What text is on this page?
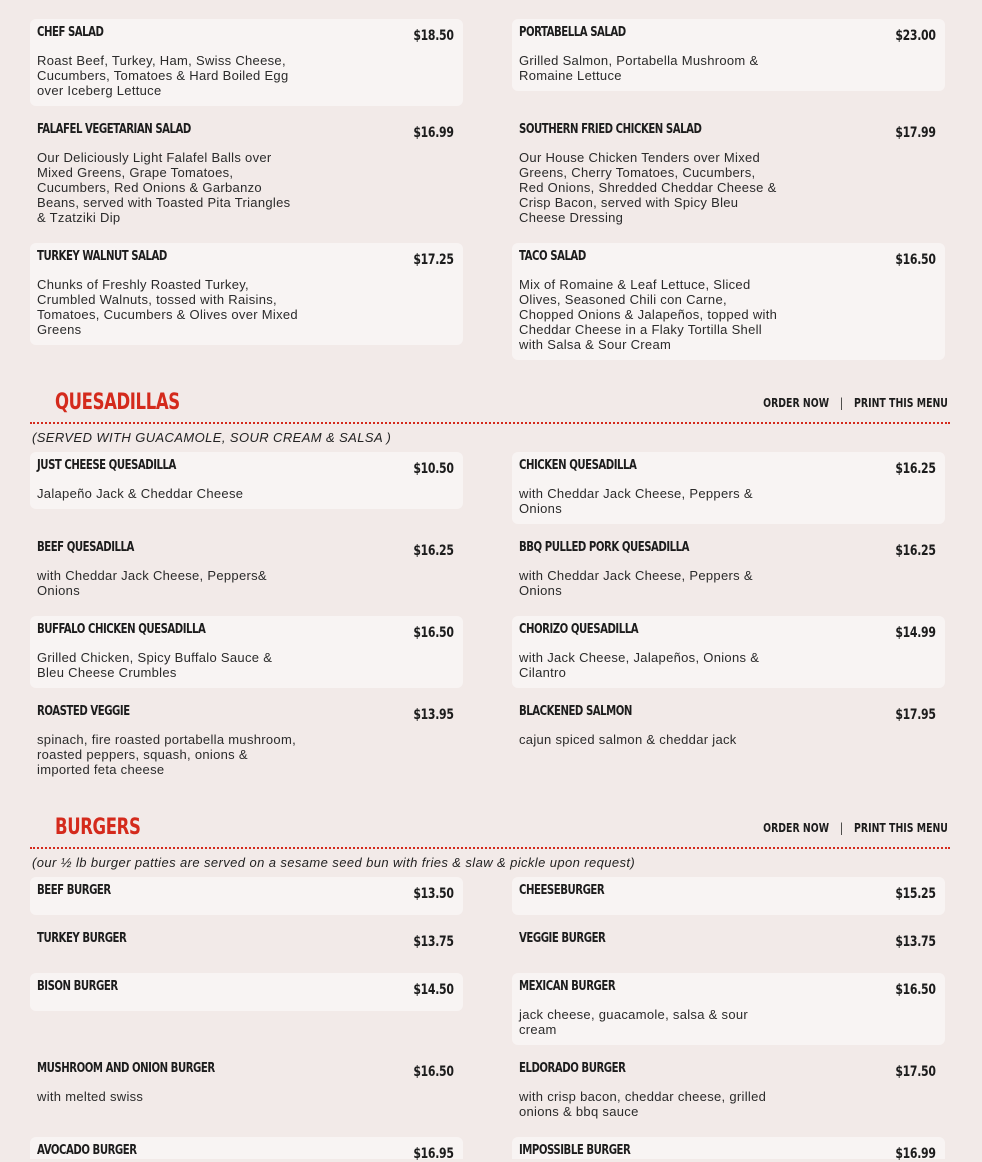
CHEF SALAD	$18.50
Roast Beef, Turkey, Ham, Swiss Cheese, Cucumbers, Tomatoes & Hard Boiled Egg over Iceberg Lettuce
PORTABELLA SALAD	$23.00
Grilled Salmon, Portabella Mushroom & Romaine Lettuce
FALAFEL VEGETARIAN SALAD	$16.99
Our Deliciously Light Falafel Balls over Mixed Greens, Grape Tomatoes, Cucumbers, Red Onions & Garbanzo Beans, served with Toasted Pita Triangles & Tzatziki Dip
SOUTHERN FRIED CHICKEN SALAD	$17.99
Our House Chicken Tenders over Mixed Greens, Cherry Tomatoes, Cucumbers, Red Onions, Shredded Cheddar Cheese & Crisp Bacon, served with Spicy Bleu Cheese Dressing
TURKEY WALNUT SALAD	$17.25
Chunks of Freshly Roasted Turkey, Crumbled Walnuts, tossed with Raisins, Tomatoes, Cucumbers & Olives over Mixed Greens
TACO SALAD	$16.50
Mix of Romaine & Leaf Lettuce, Sliced Olives, Seasoned Chili con Carne, Chopped Onions & Jalapeños, topped with Cheddar Cheese in a Flaky Tortilla Shell with Salsa & Sour Cream
QUESADILLAS	ORDER NOW | PRINT THIS MENU
(SERVED WITH GUACAMOLE, SOUR CREAM & SALSA )
JUST CHEESE QUESADILLA	$10.50
Jalapeño Jack & Cheddar Cheese
CHICKEN QUESADILLA	$16.25
with Cheddar Jack Cheese, Peppers & Onions
BEEF QUESADILLA	$16.25
with Cheddar Jack Cheese, Peppers& Onions
BBQ PULLED PORK QUESADILLA	$16.25
with Cheddar Jack Cheese, Peppers & Onions
BUFFALO CHICKEN QUESADILLA	$16.50
Grilled Chicken, Spicy Buffalo Sauce & Bleu Cheese Crumbles
CHORIZO QUESADILLA	$14.99
with Jack Cheese, Jalapeños, Onions & Cilantro
ROASTED VEGGIE	$13.95
spinach, fire roasted portabella mushroom, roasted peppers, squash, onions & imported feta cheese
BLACKENED SALMON	$17.95
cajun spiced salmon & cheddar jack
BURGERS	ORDER NOW | PRINT THIS MENU
(our ½ lb burger patties are served on a sesame seed bun with fries & slaw & pickle upon request)
BEEF BURGER	$13.50	CHEESEBURGER	$15.25
TURKEY BURGER	$13.75	VEGGIE BURGER	$13.75
BISON BURGER	$14.50	MEXICAN BURGER	$16.50
jack cheese, guacamole, salsa & sour cream
MUSHROOM AND ONION BURGER	$16.50
with melted swiss
ELDORADO BURGER	$17.50
with crisp bacon, cheddar cheese, grilled onions & bbq sauce
AVOCADO BURGER	$16.95	IMPOSSIBLE BURGER	$16.99
